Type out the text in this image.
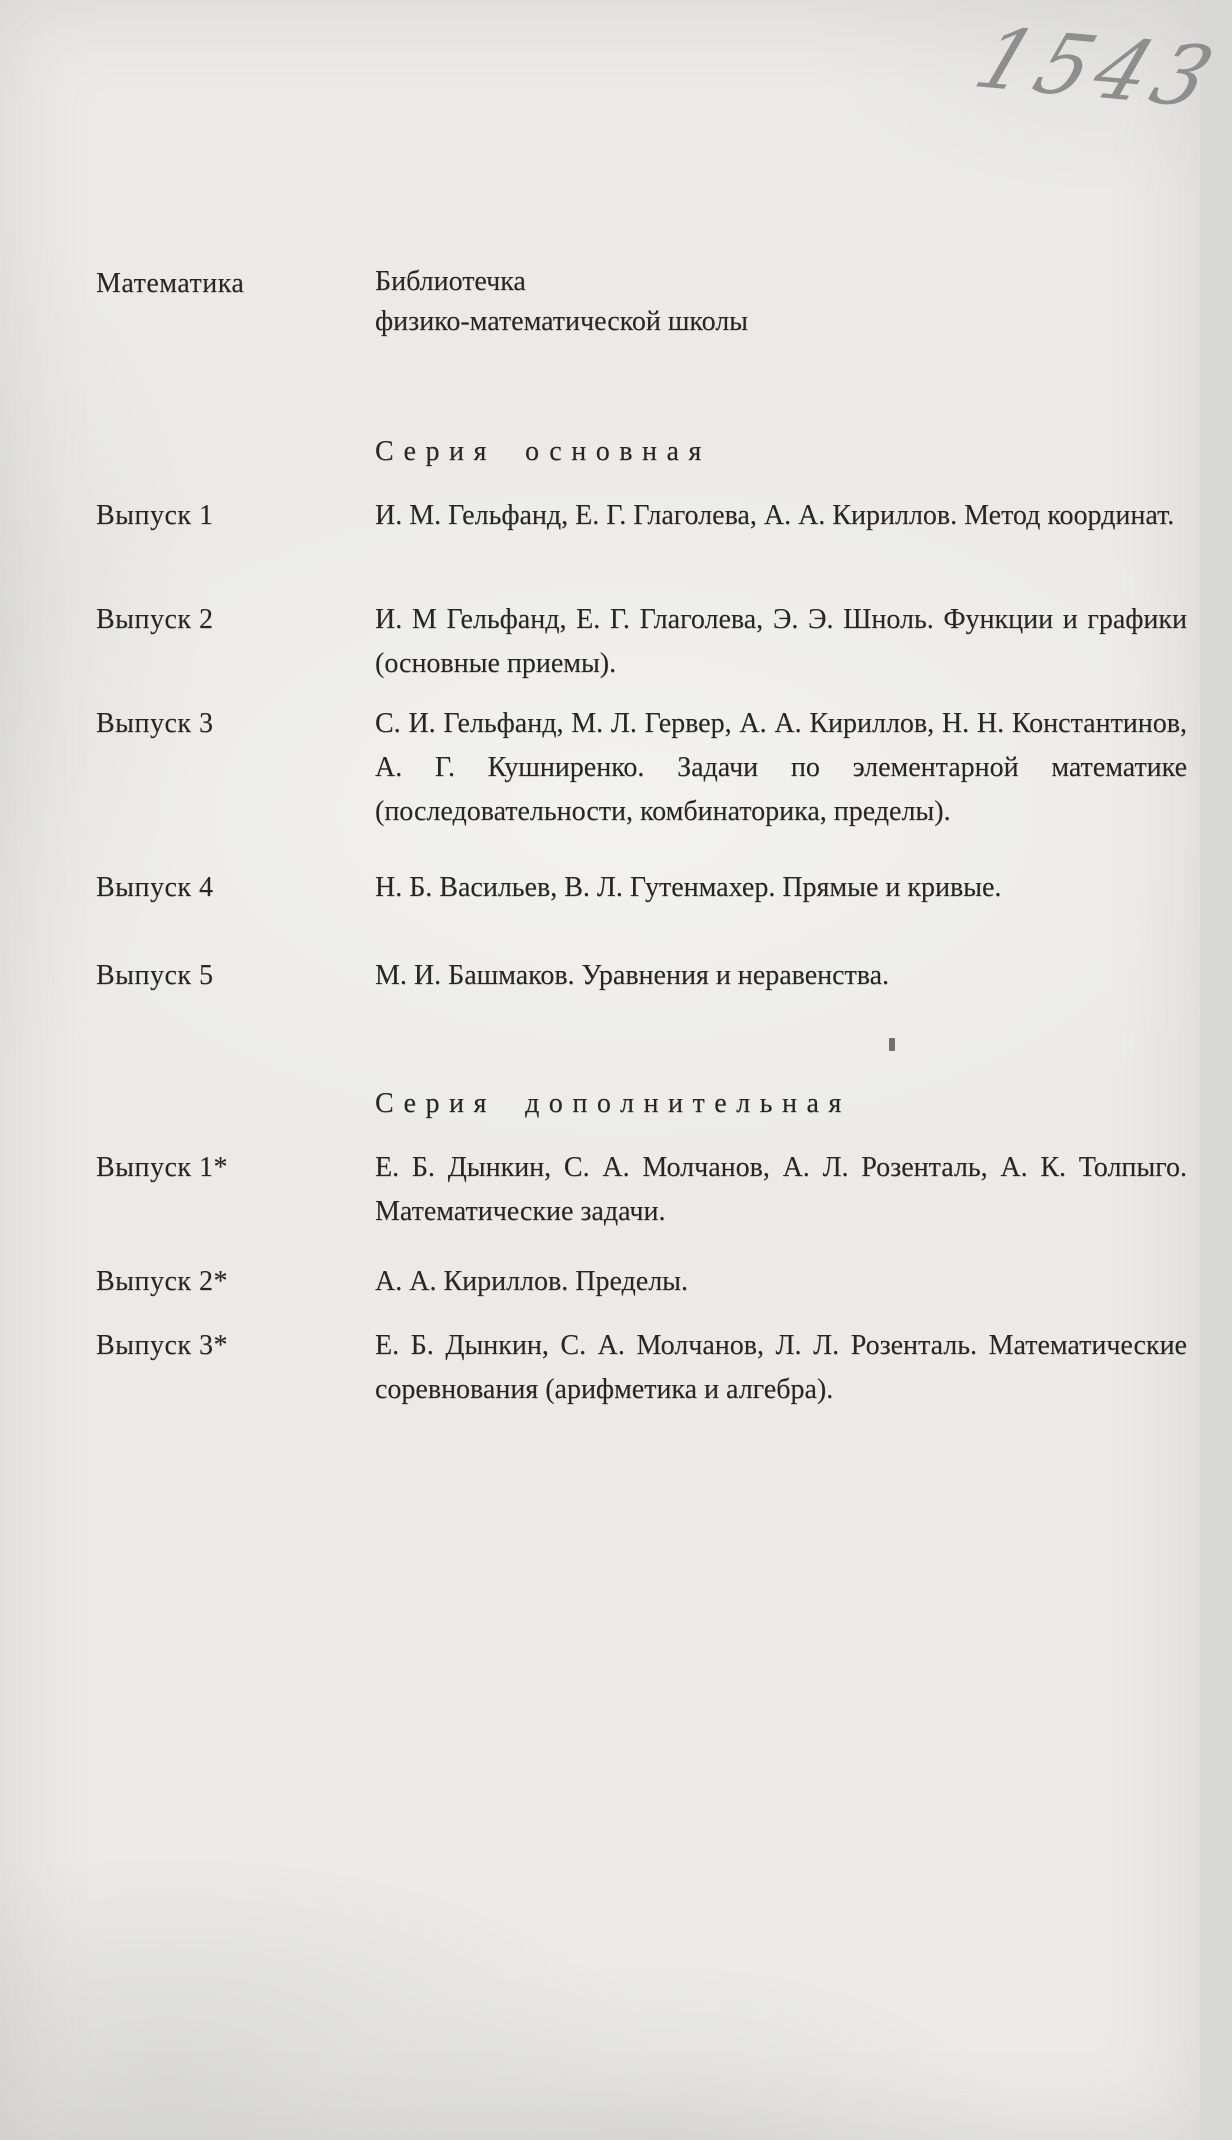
1543
Математика	Библиотечка
физико-математической школы
Серия основная
Выпуск 1	И. М. Гельфанд, Е. Г. Глаголева, А. А. Кириллов. Метод координат.
Выпуск 2	И. М Гельфанд, Е. Г. Глаголева, Э. Э. Шноль. Функции и графики (основные приемы).
Выпуск 3	С. И. Гельфанд, М. Л. Гервер, А. А. Кириллов, Н. Н. Константинов, А. Г. Кушниренко. Задачи по элементарной математике (последовательности, комбинаторика, пределы).
Выпуск 4	Н. Б. Васильев, В. Л. Гутенмахер. Прямые и кривые.
Выпуск 5	М. И. Башмаков. Уравнения и неравенства.
Серия дополнительная
Выпуск 1*	Е. Б. Дынкин, С. А. Молчанов, А. Л. Розенталь, А. К. Толпыго. Математические задачи.
Выпуск 2*	А. А. Кириллов. Пределы.
Выпуск 3*	Е. Б. Дынкин, С. А. Молчанов, Л. Л. Розенталь. Математические соревнования (арифметика и алгебра).
